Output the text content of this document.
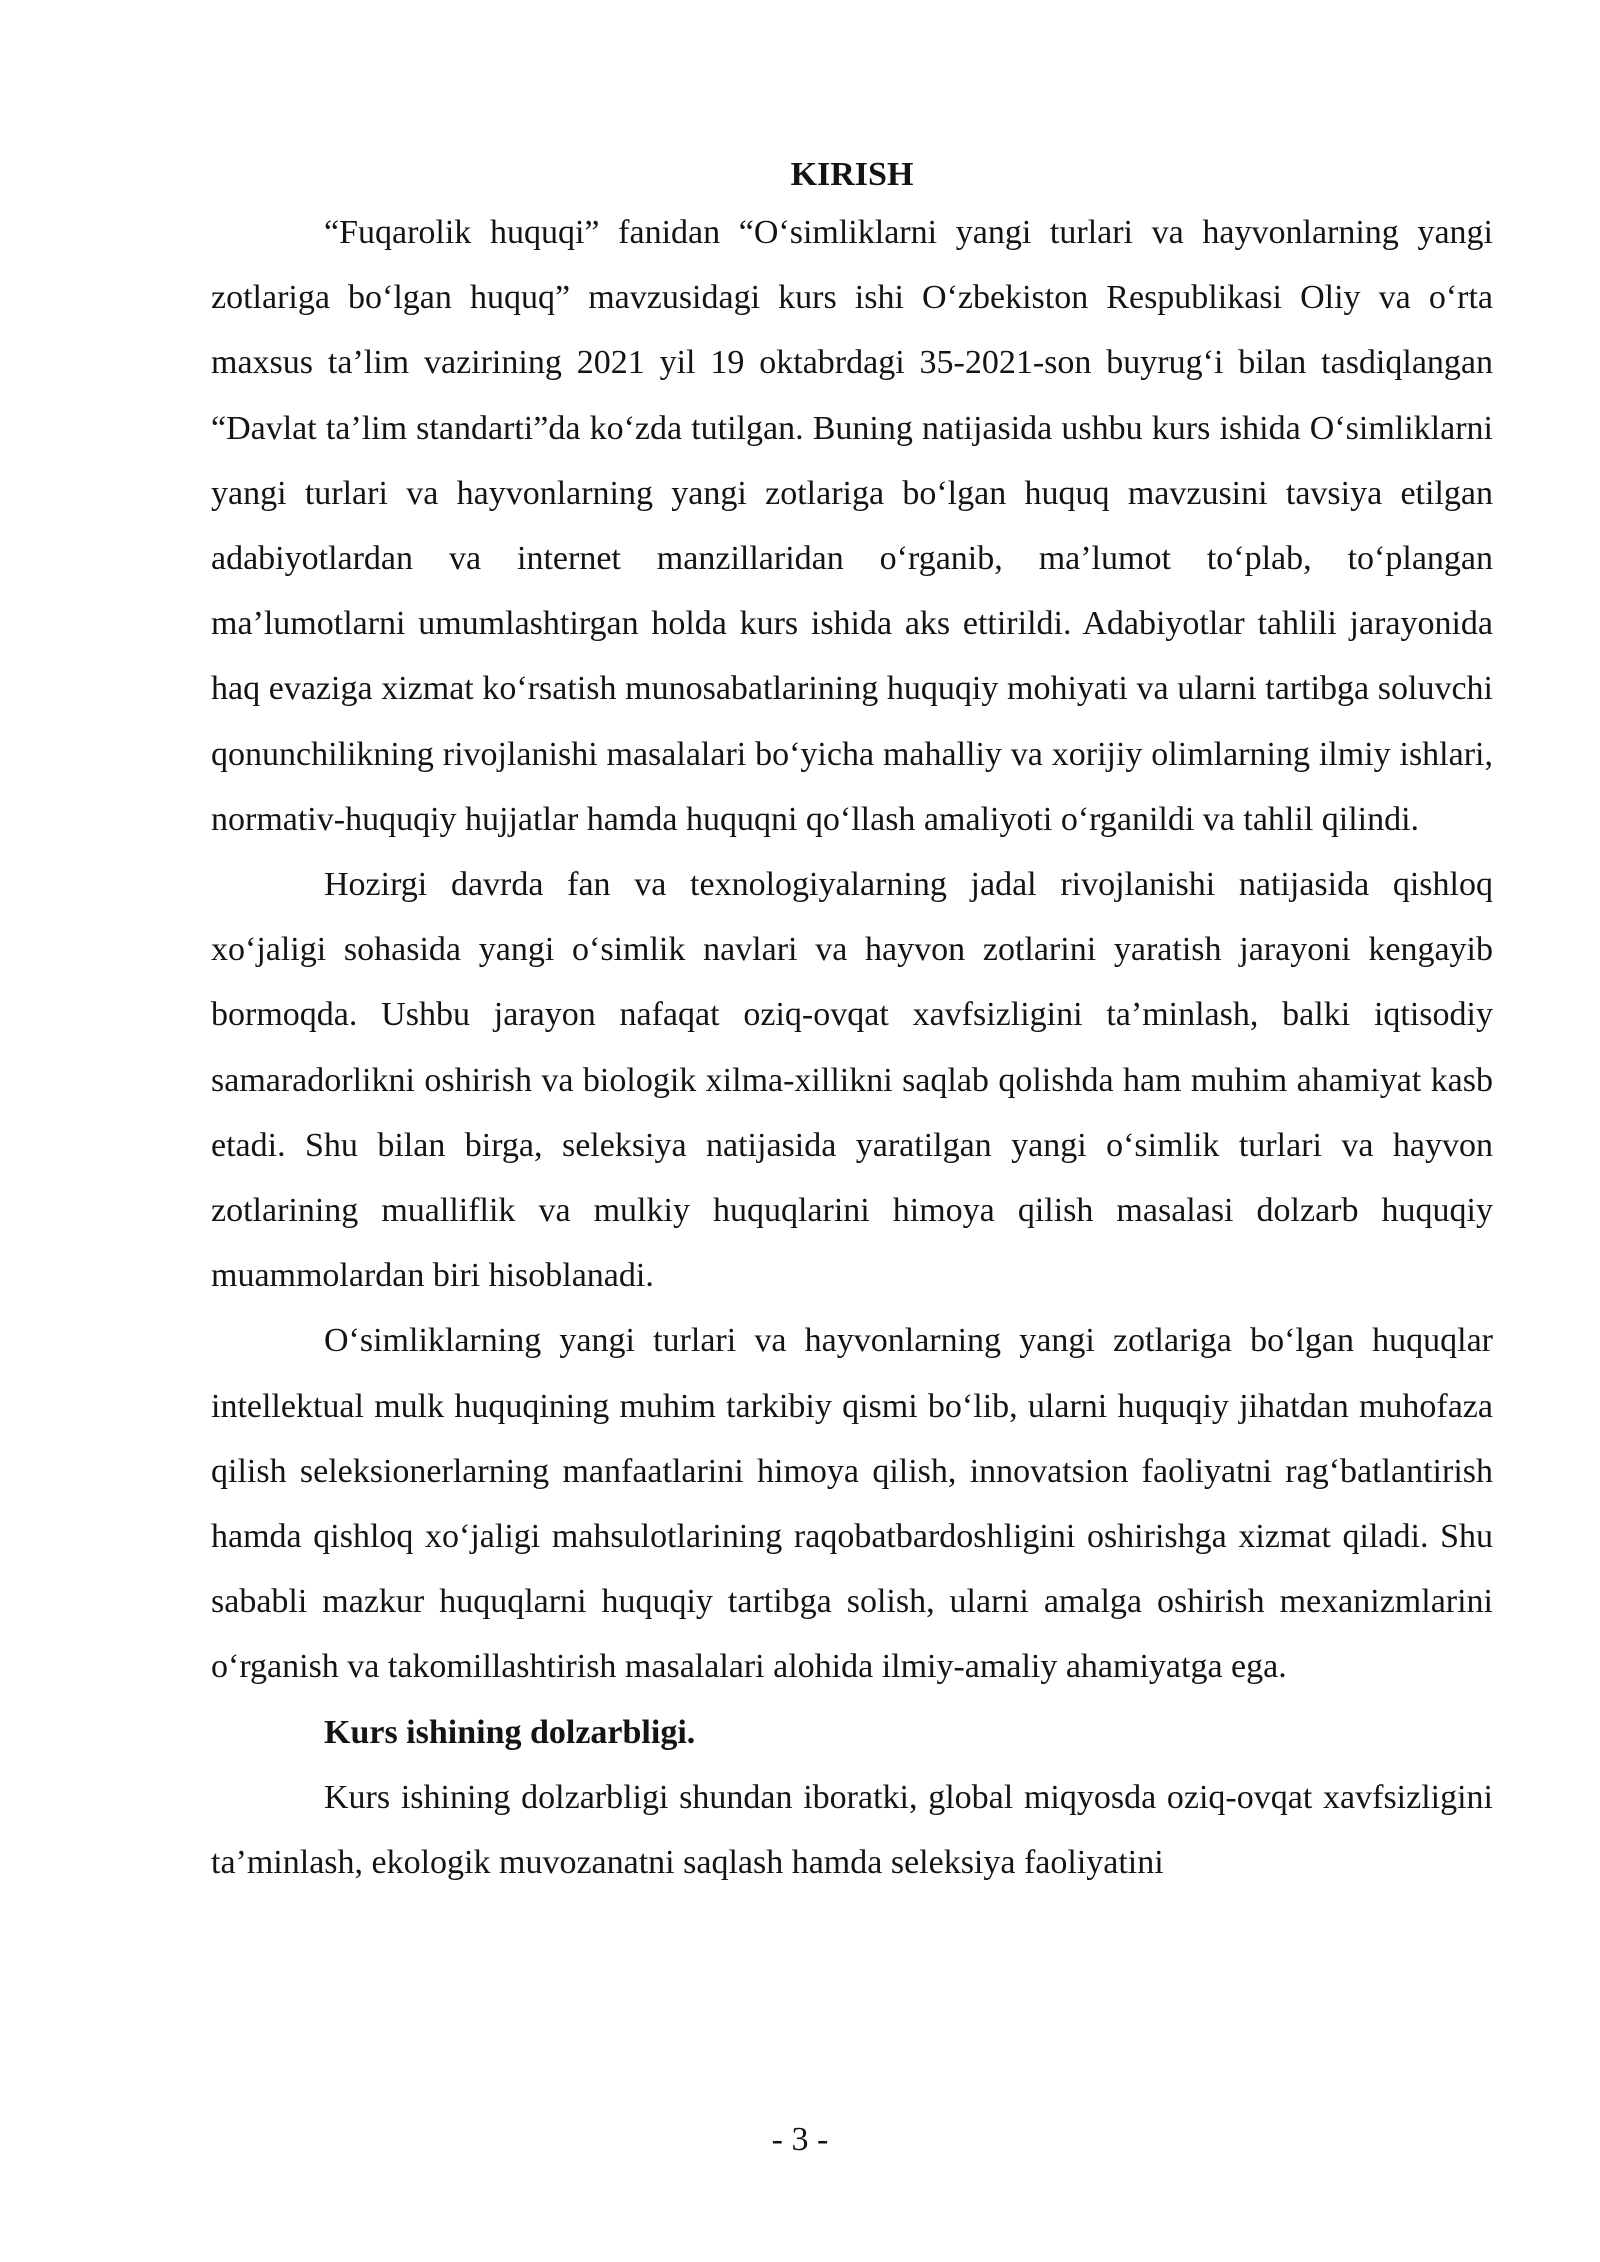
KIRISH

“Fuqarolik huquqi” fanidan “O‘simliklarni yangi turlari va hayvonlarning yangi zotlariga bo‘lgan huquq” mavzusidagi kurs ishi O‘zbekiston Respublikasi Oliy va o‘rta maxsus ta’lim vazirining 2021 yil 19 oktabrdagi 35-2021-son buyrug‘i bilan tasdiqlangan “Davlat ta’lim standarti”da ko‘zda tutilgan. Buning natijasida ushbu kurs ishida O‘simliklarni yangi turlari va hayvonlarning yangi zotlariga bo‘lgan huquq mavzusini tavsiya etilgan adabiyotlardan va internet manzillaridan o‘rganib, ma’lumot to‘plab, to‘plangan ma’lumotlarni umumlashtirgan holda kurs ishida aks ettirildi. Adabiyotlar tahlili jarayonida haq evaziga xizmat ko‘rsatish munosabatlarining huquqiy mohiyati va ularni tartibga soluvchi qonunchilikning rivojlanishi masalalari bo‘yicha mahalliy va xorijiy olimlarning ilmiy ishlari, normativ-huquqiy hujjatlar hamda huquqni qo‘llash amaliyoti o‘rganildi va tahlil qilindi.

Hozirgi davrda fan va texnologiyalarning jadal rivojlanishi natijasida qishloq xo‘jaligi sohasida yangi o‘simlik navlari va hayvon zotlarini yaratish jarayoni kengayib bormoqda. Ushbu jarayon nafaqat oziq-ovqat xavfsizligini ta’minlash, balki iqtisodiy samaradorlikni oshirish va biologik xilma-xillikni saqlab qolishda ham muhim ahamiyat kasb etadi. Shu bilan birga, seleksiya natijasida yaratilgan yangi o‘simlik turlari va hayvon zotlarining mualliflik va mulkiy huquqlarini himoya qilish masalasi dolzarb huquqiy muammolardan biri hisoblanadi.

O‘simliklarning yangi turlari va hayvonlarning yangi zotlariga bo‘lgan huquqlar intellektual mulk huquqining muhim tarkibiy qismi bo‘lib, ularni huquqiy jihatdan muhofaza qilish seleksionerlarning manfaatlarini himoya qilish, innovatsion faoliyatni rag‘batlantirish hamda qishloq xo‘jaligi mahsulotlarining raqobatbardoshligini oshirishga xizmat qiladi. Shu sababli mazkur huquqlarni huquqiy tartibga solish, ularni amalga oshirish mexanizmlarini o‘rganish va takomillashtirish masalalari alohida ilmiy-amaliy ahamiyatga ega.

Kurs ishining dolzarbligi.

Kurs ishining dolzarbligi shundan iboratki, global miqyosda oziq-ovqat xavfsizligini ta’minlash, ekologik muvozanatni saqlash hamda seleksiya faoliyatini

- 3 -
